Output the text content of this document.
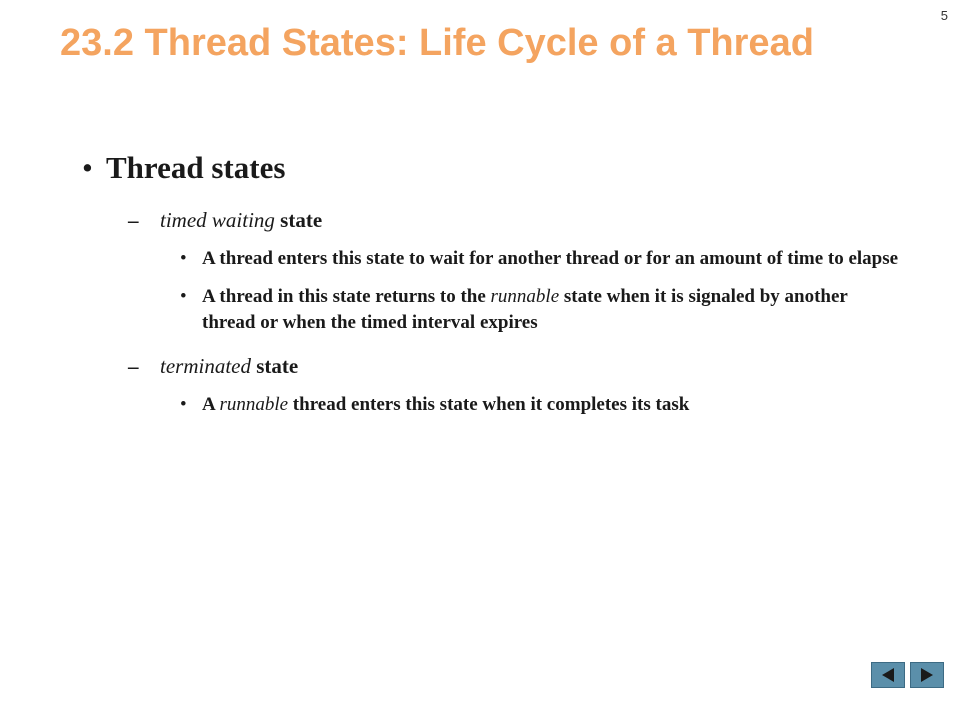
5
23.2 Thread States: Life Cycle of a Thread
• Thread states
– timed waiting state
• A thread enters this state to wait for another thread or for an amount of time to elapse
• A thread in this state returns to the runnable state when it is signaled by another thread or when the timed interval expires
– terminated state
• A runnable thread enters this state when it completes its task
